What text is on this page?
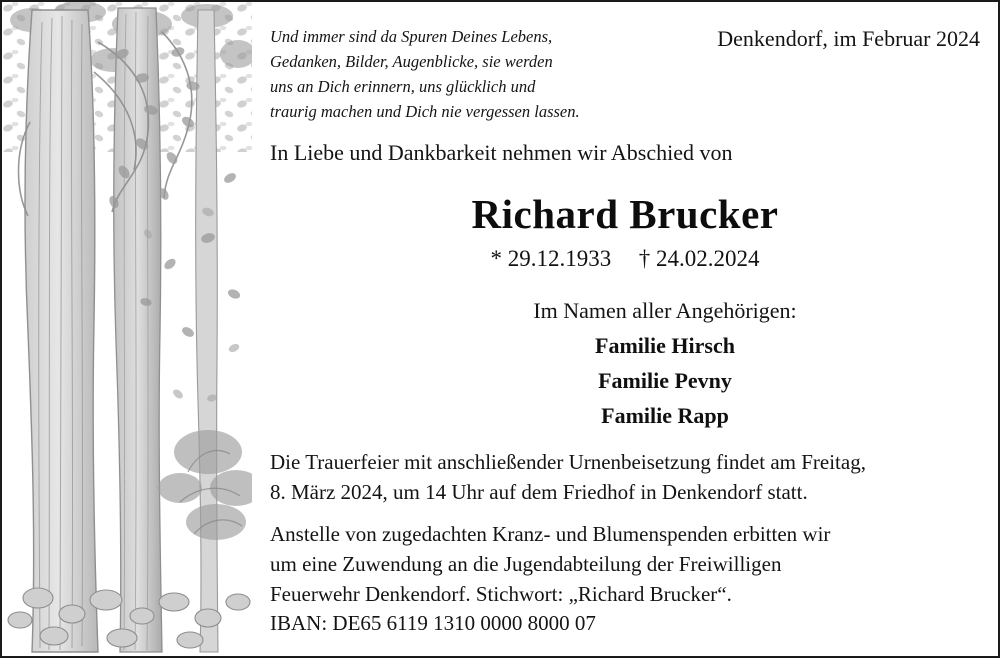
Und immer sind da Spuren Deines Lebens,
Gedanken, Bilder, Augenblicke, sie werden
uns an Dich erinnern, uns glücklich und
traurig machen und Dich nie vergessen lassen.
Denkendorf, im Februar 2024
In Liebe und Dankbarkeit nehmen wir Abschied von
Richard Brucker
* 29.12.1933 † 24.02.2024
Im Namen aller Angehörigen:
Familie Hirsch
Familie Pevny
Familie Rapp
Die Trauerfeier mit anschließender Urnenbeisetzung findet am Freitag,
8. März 2024, um 14 Uhr auf dem Friedhof in Denkendorf statt.
Anstelle von zugedachten Kranz- und Blumenspenden erbitten wir
um eine Zuwendung an die Jugendabteilung der Freiwilligen
Feuerwehr Denkendorf. Stichwort: „Richard Brucker“.
IBAN: DE65 6119 1310 0000 8000 07
